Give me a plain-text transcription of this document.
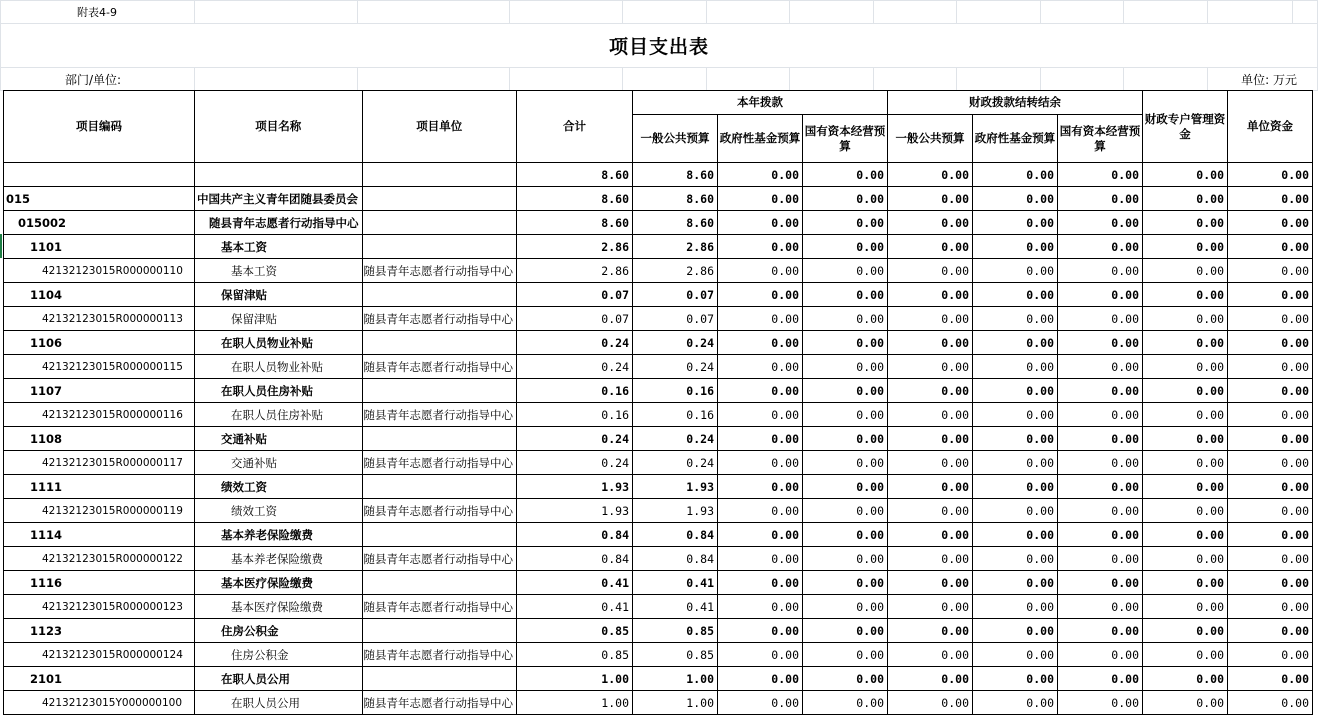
附表4-9												
项目支出表												
部门/单位:											单位: 万元	
项目编码	项目名称	项目单位	合计	本年拨款			财政拨款结转结余			财政专户管理资金	单位资金
				一般公共预算	政府性基金预算	国有资本经营预算	一般公共预算	政府性基金预算	国有资本经营预算		
			8.60	8.60	0.00	0.00	0.00	0.00	0.00	0.00	0.00
015	中国共产主义青年团随县委员会		8.60	8.60	0.00	0.00	0.00	0.00	0.00	0.00	0.00
015002	随县青年志愿者行动指导中心		8.60	8.60	0.00	0.00	0.00	0.00	0.00	0.00	0.00
1101	基本工资		2.86	2.86	0.00	0.00	0.00	0.00	0.00	0.00	0.00
42132123015R000000110	基本工资	随县青年志愿者行动指导中心	2.86	2.86	0.00	0.00	0.00	0.00	0.00	0.00	0.00
1104	保留津贴		0.07	0.07	0.00	0.00	0.00	0.00	0.00	0.00	0.00
42132123015R000000113	保留津贴	随县青年志愿者行动指导中心	0.07	0.07	0.00	0.00	0.00	0.00	0.00	0.00	0.00
1106	在职人员物业补贴		0.24	0.24	0.00	0.00	0.00	0.00	0.00	0.00	0.00
42132123015R000000115	在职人员物业补贴	随县青年志愿者行动指导中心	0.24	0.24	0.00	0.00	0.00	0.00	0.00	0.00	0.00
1107	在职人员住房补贴		0.16	0.16	0.00	0.00	0.00	0.00	0.00	0.00	0.00
42132123015R000000116	在职人员住房补贴	随县青年志愿者行动指导中心	0.16	0.16	0.00	0.00	0.00	0.00	0.00	0.00	0.00
1108	交通补贴		0.24	0.24	0.00	0.00	0.00	0.00	0.00	0.00	0.00
42132123015R000000117	交通补贴	随县青年志愿者行动指导中心	0.24	0.24	0.00	0.00	0.00	0.00	0.00	0.00	0.00
1111	绩效工资		1.93	1.93	0.00	0.00	0.00	0.00	0.00	0.00	0.00
42132123015R000000119	绩效工资	随县青年志愿者行动指导中心	1.93	1.93	0.00	0.00	0.00	0.00	0.00	0.00	0.00
1114	基本养老保险缴费		0.84	0.84	0.00	0.00	0.00	0.00	0.00	0.00	0.00
42132123015R000000122	基本养老保险缴费	随县青年志愿者行动指导中心	0.84	0.84	0.00	0.00	0.00	0.00	0.00	0.00	0.00
1116	基本医疗保险缴费		0.41	0.41	0.00	0.00	0.00	0.00	0.00	0.00	0.00
42132123015R000000123	基本医疗保险缴费	随县青年志愿者行动指导中心	0.41	0.41	0.00	0.00	0.00	0.00	0.00	0.00	0.00
1123	住房公积金		0.85	0.85	0.00	0.00	0.00	0.00	0.00	0.00	0.00
42132123015R000000124	住房公积金	随县青年志愿者行动指导中心	0.85	0.85	0.00	0.00	0.00	0.00	0.00	0.00	0.00
2101	在职人员公用		1.00	1.00	0.00	0.00	0.00	0.00	0.00	0.00	0.00
42132123015Y000000100	在职人员公用	随县青年志愿者行动指导中心	1.00	1.00	0.00	0.00	0.00	0.00	0.00	0.00	0.00
